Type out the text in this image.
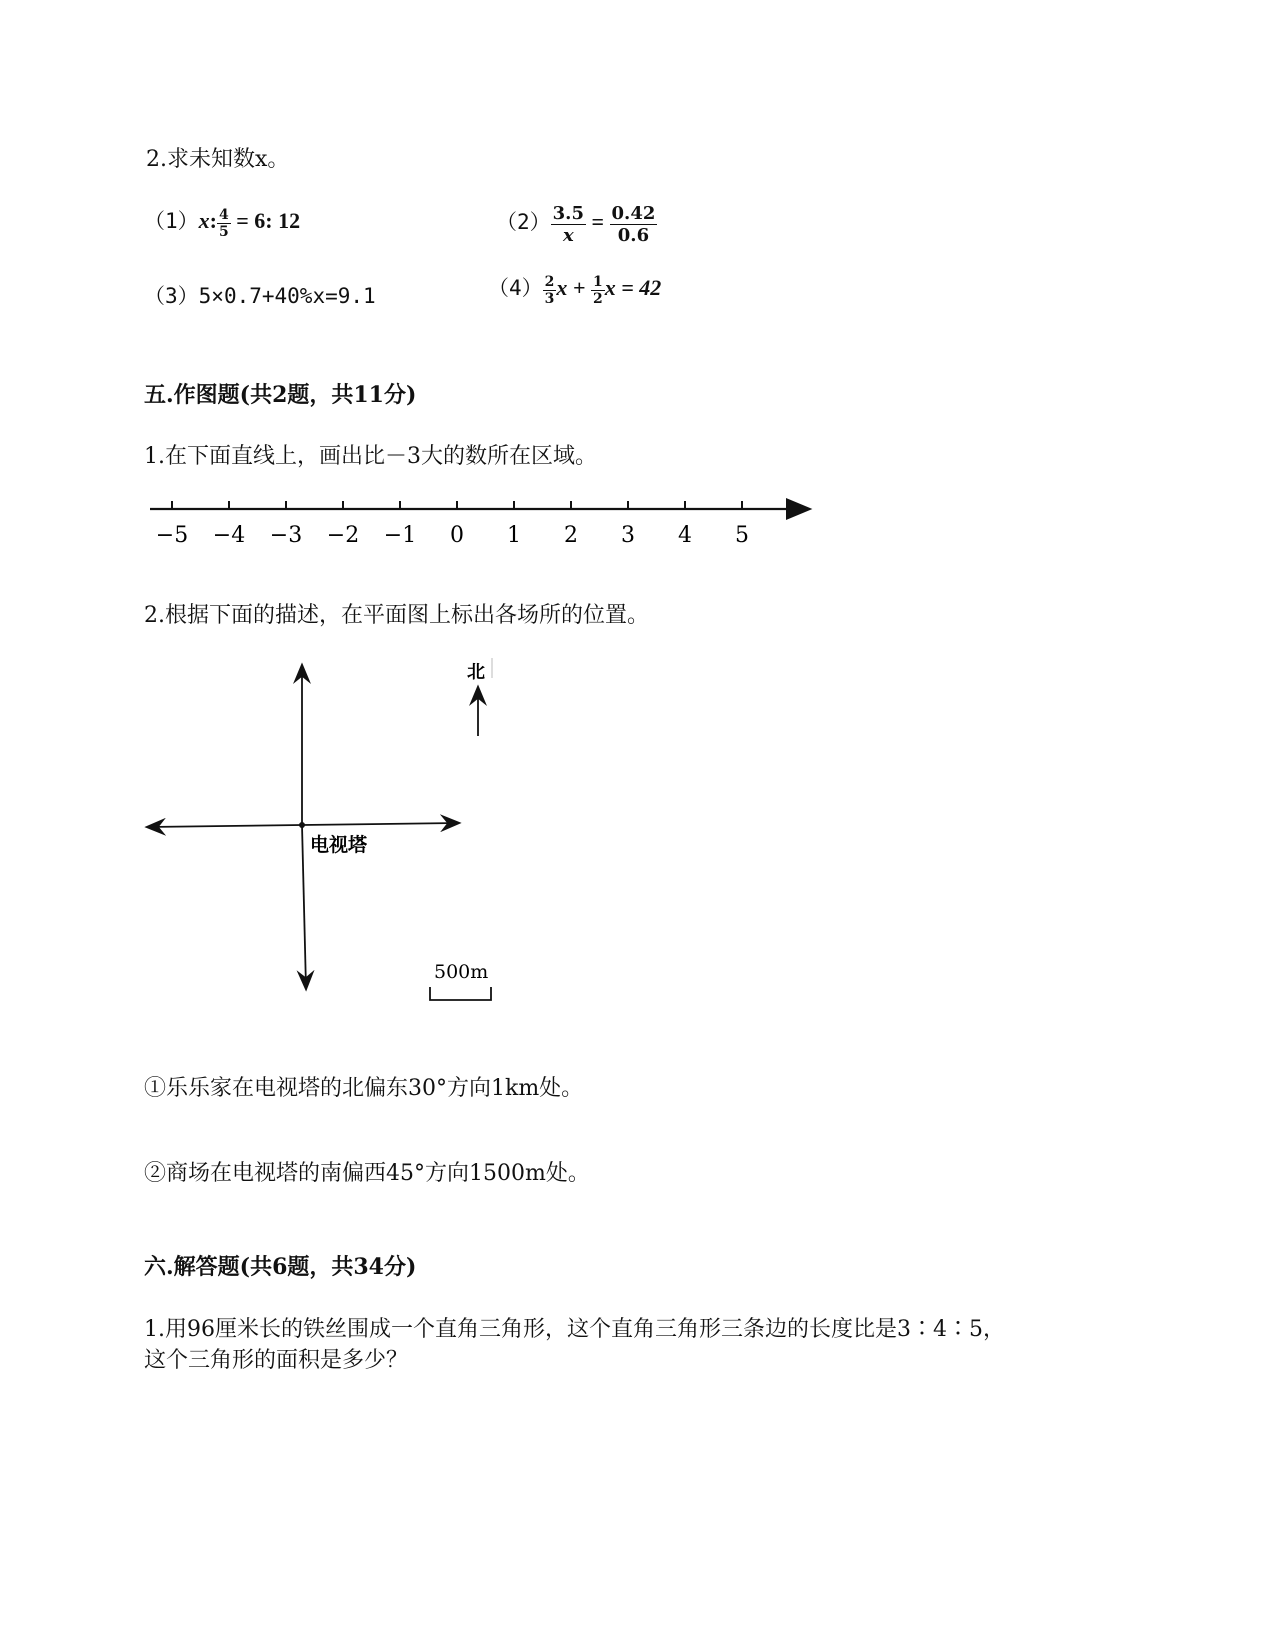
2.求未知数x。
（1）x: $\frac{4}{5} = 6$: 12	$(2) \frac{3.5}{x} = \frac{0.42}{0.6}$
（3）5×0.7+40%x=9.1	$(4) \frac{2}{3}$ $x + \frac{1}{2}$ x = 42
五.作图题(共2题，共11分)
1.在下面直线上，画出比－3大的数所在区域。
−5 −4 −3 −2 −1 0 1 2 3 4 5
2.根据下面的描述，在平面图上标出各场所的位置。
电视塔
北
500m
①乐乐家在电视塔的北偏东30°方向1km处。
②商场在电视塔的南偏西45°方向1500m处。
六.解答题(共6题，共34分)
1.用96厘米长的铁丝围成一个直角三角形，这个直角三角形三条边的长度比是3∶4∶5，
这个三角形的面积是多少？
